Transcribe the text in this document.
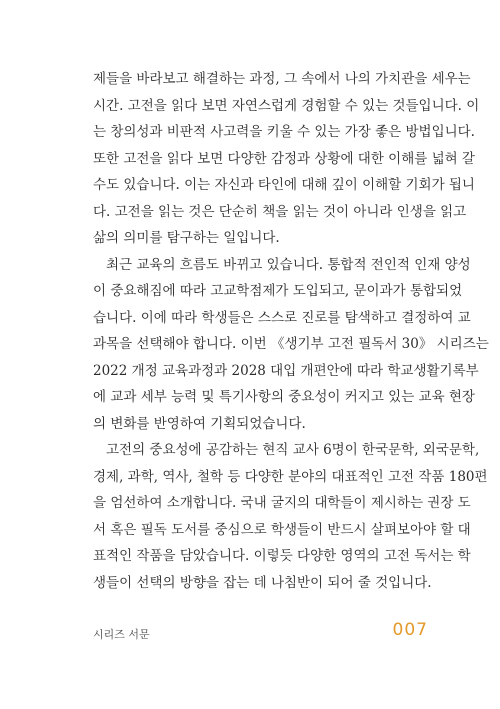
제들을 바라보고 해결하는 과정, 그 속에서 나의 가치관을 세우는
시간. 고전을 읽다 보면 자연스럽게 경험할 수 있는 것들입니다. 이
는 창의성과 비판적 사고력을 키울 수 있는 가장 좋은 방법입니다.
또한 고전을 읽다 보면 다양한 감정과 상황에 대한 이해를 넓혀 갈
수도 있습니다. 이는 자신과 타인에 대해 깊이 이해할 기회가 됩니
다. 고전을 읽는 것은 단순히 책을 읽는 것이 아니라 인생을 읽고
삶의 의미를 탐구하는 일입니다.

최근 교육의 흐름도 바뀌고 있습니다. 통합적 전인적 인재 양성
이 중요해짐에 따라 고교학점제가 도입되고, 문이과가 통합되었
습니다. 이에 따라 학생들은 스스로 진로를 탐색하고 결정하여 교
과목을 선택해야 합니다. 이번 《생기부 고전 필독서 30》 시리즈는
2022 개정 교육과정과 2028 대입 개편안에 따라 학교생활기록부
에 교과 세부 능력 및 특기사항의 중요성이 커지고 있는 교육 현장
의 변화를 반영하여 기획되었습니다.

고전의 중요성에 공감하는 현직 교사 6명이 한국문학, 외국문학,
경제, 과학, 역사, 철학 등 다양한 분야의 대표적인 고전 작품 180편
을 엄선하여 소개합니다. 국내 굴지의 대학들이 제시하는 권장 도
서 혹은 필독 도서를 중심으로 학생들이 반드시 살펴보아야 할 대
표적인 작품을 담았습니다. 이렇듯 다양한 영역의 고전 독서는 학
생들이 선택의 방향을 잡는 데 나침반이 되어 줄 것입니다.

시리즈 서문	007
